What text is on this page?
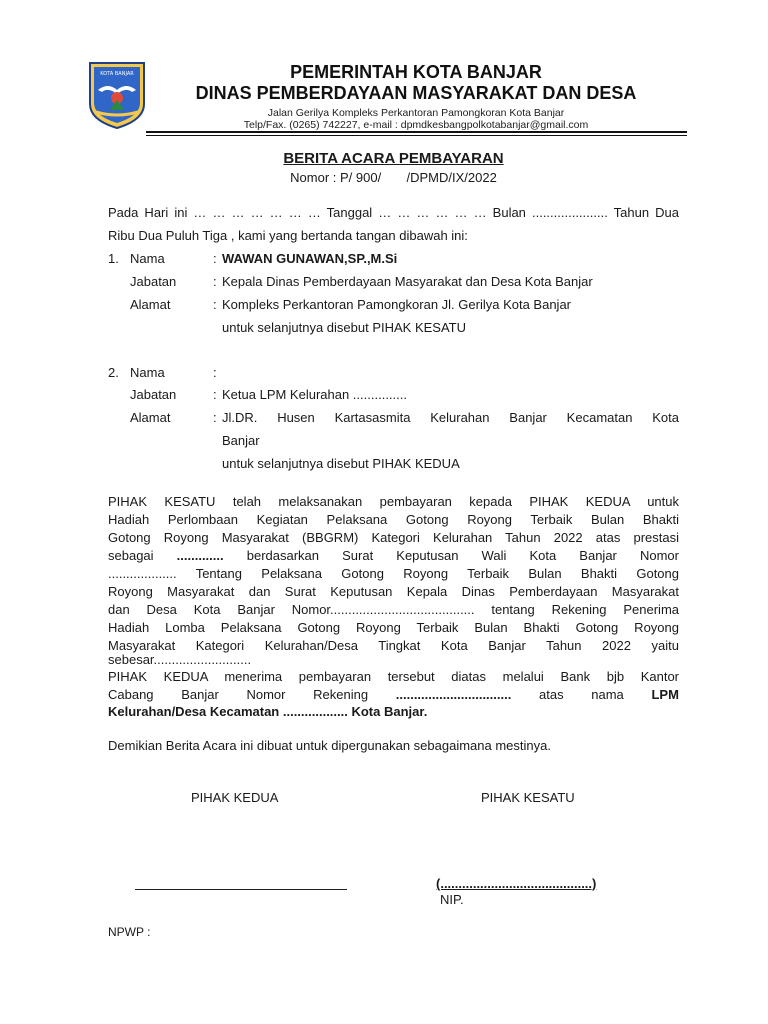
KOTA BANJAR	PEMERINTAH KOTA BANJAR
DINAS PEMBERDAYAAN MASYARAKAT DAN DESA
Jalan Gerilya Kompleks Perkantoran Pamongkoran Kota Banjar
Telp/Fax. (0265) 742227, e-mail : dpmdkesbangpolkotabanjar@gmail.com
BERITA ACARA PEMBAYARAN
Nomor : P/ 900/       /DPMD/IX/2022
Pada Hari ini … … … … … … … Tanggal … … … … … … Bulan ..................... Tahun Dua
Ribu Dua Puluh Tiga , kami yang bertanda tangan dibawah ini:
1. Nama	: WAWAN GUNAWAN,SP.,M.Si
Jabatan	: Kepala Dinas Pemberdayaan Masyarakat dan Desa Kota Banjar
Alamat	: Kompleks Perkantoran Pamongkoran Jl. Gerilya Kota Banjar
untuk selanjutnya disebut PIHAK KESATU
2. Nama	:
Jabatan	: Ketua LPM Kelurahan ...............
Alamat	: Jl.DR. Husen Kartasasmita Kelurahan Banjar Kecamatan Kota
Banjar
untuk selanjutnya disebut PIHAK KEDUA
PIHAK KESATU telah melaksanakan pembayaran kepada PIHAK KEDUA untuk
Hadiah Perlombaan Kegiatan Pelaksana Gotong Royong Terbaik Bulan Bhakti
Gotong Royong Masyarakat (BBGRM) Kategori Kelurahan Tahun 2022 atas prestasi
sebagai ............. berdasarkan Surat Keputusan Wali Kota Banjar Nomor
................... Tentang Pelaksana Gotong Royong Terbaik Bulan Bhakti Gotong
Royong Masyarakat dan Surat Keputusan Kepala Dinas Pemberdayaan Masyarakat
dan Desa Kota Banjar Nomor........................................ tentang Rekening Penerima
Hadiah Lomba Pelaksana Gotong Royong Terbaik Bulan Bhakti Gotong Royong
Masyarakat Kategori Kelurahan/Desa Tingkat Kota Banjar Tahun 2022 yaitu
sebesar...........................
PIHAK KEDUA menerima pembayaran tersebut diatas melalui Bank bjb Kantor
Cabang Banjar Nomor Rekening ................................ atas nama LPM
Kelurahan/Desa Kecamatan .................. Kota Banjar.
Demikian Berita Acara ini dibuat untuk dipergunakan sebagaimana mestinya.
PIHAK KEDUA	PIHAK KESATU
(..........................................)
NIP.
NPWP :
